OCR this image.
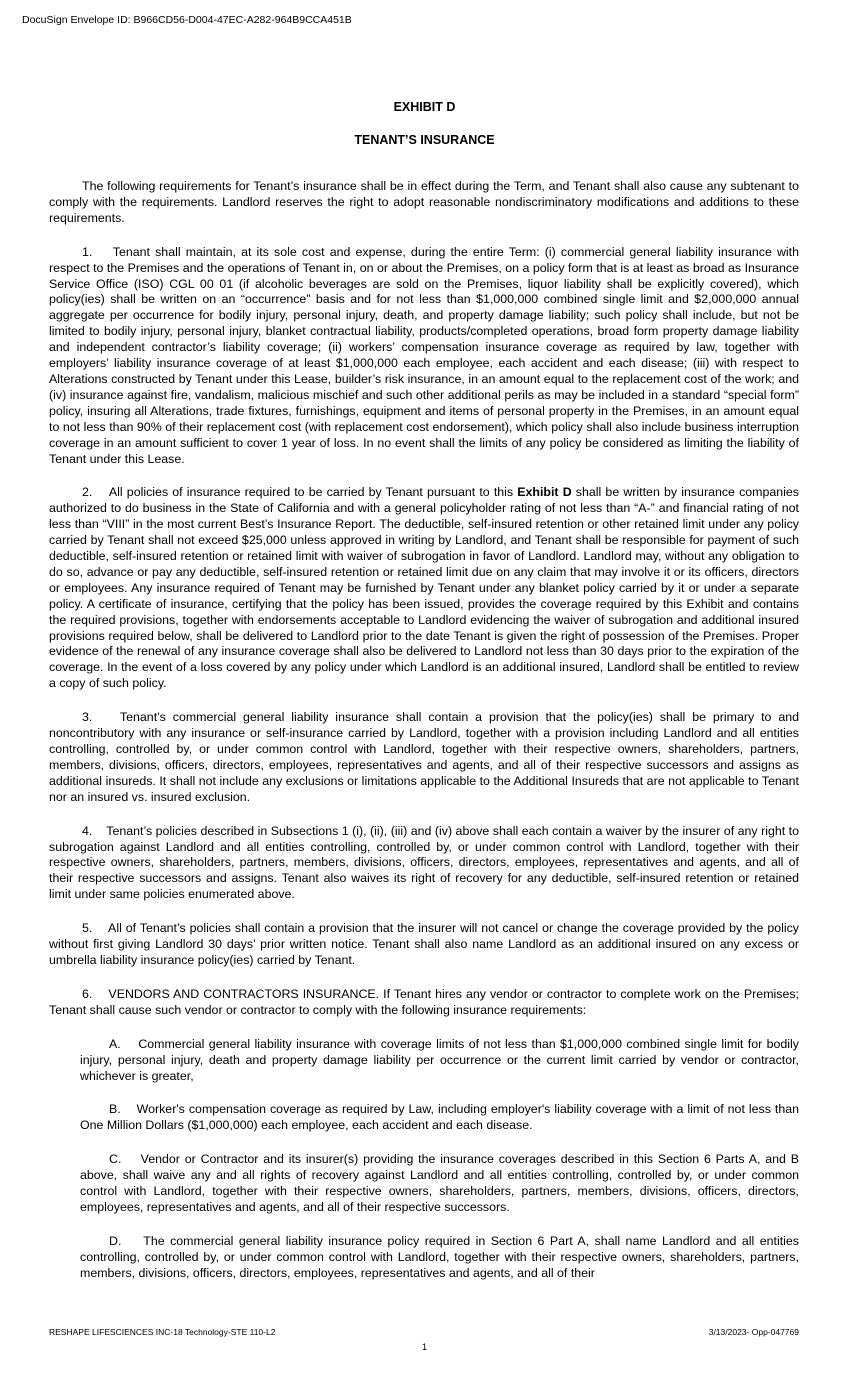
DocuSign Envelope ID: B966CD56-D004-47EC-A282-964B9CCA451B
EXHIBIT D
TENANT’S INSURANCE

The following requirements for Tenant’s insurance shall be in effect during the Term, and Tenant shall also cause any subtenant to comply with the requirements. Landlord reserves the right to adopt reasonable nondiscriminatory modifications and additions to these requirements.

1.    Tenant shall maintain, at its sole cost and expense, during the entire Term: (i) commercial general liability insurance with respect to the Premises and the operations of Tenant in, on or about the Premises, on a policy form that is at least as broad as Insurance Service Office (ISO) CGL 00 01 (if alcoholic beverages are sold on the Premises, liquor liability shall be explicitly covered), which policy(ies) shall be written on an “occurrence” basis and for not less than $1,000,000 combined single limit and $2,000,000 annual aggregate per occurrence for bodily injury, personal injury, death, and property damage liability; such policy shall include, but not be limited to bodily injury, personal injury, blanket contractual liability, products/completed operations, broad form property damage liability and independent contractor’s liability coverage; (ii) workers’ compensation insurance coverage as required by law, together with employers’ liability insurance coverage of at least $1,000,000 each employee, each accident and each disease; (iii) with respect to Alterations constructed by Tenant under this Lease, builder’s risk insurance, in an amount equal to the replacement cost of the work; and (iv) insurance against fire, vandalism, malicious mischief and such other additional perils as may be included in a standard “special form” policy, insuring all Alterations, trade fixtures, furnishings, equipment and items of personal property in the Premises, in an amount equal to not less than 90% of their replacement cost (with replacement cost endorsement), which policy shall also include business interruption coverage in an amount sufficient to cover 1 year of loss. In no event shall the limits of any policy be considered as limiting the liability of Tenant under this Lease.

2.    All policies of insurance required to be carried by Tenant pursuant to this Exhibit D shall be written by insurance companies authorized to do business in the State of California and with a general policyholder rating of not less than “A-” and financial rating of not less than “VIII” in the most current Best’s Insurance Report. The deductible, self-insured retention or other retained limit under any policy carried by Tenant shall not exceed $25,000 unless approved in writing by Landlord, and Tenant shall be responsible for payment of such deductible, self-insured retention or retained limit with waiver of subrogation in favor of Landlord. Landlord may, without any obligation to do so, advance or pay any deductible, self-insured retention or retained limit due on any claim that may involve it or its officers, directors or employees. Any insurance required of Tenant may be furnished by Tenant under any blanket policy carried by it or under a separate policy. A certificate of insurance, certifying that the policy has been issued, provides the coverage required by this Exhibit and contains the required provisions, together with endorsements acceptable to Landlord evidencing the waiver of subrogation and additional insured provisions required below, shall be delivered to Landlord prior to the date Tenant is given the right of possession of the Premises. Proper evidence of the renewal of any insurance coverage shall also be delivered to Landlord not less than 30 days prior to the expiration of the coverage. In the event of a loss covered by any policy under which Landlord is an additional insured, Landlord shall be entitled to review a copy of such policy.

3.    Tenant’s commercial general liability insurance shall contain a provision that the policy(ies) shall be primary to and noncontributory with any insurance or self-insurance carried by Landlord, together with a provision including Landlord and all entities controlling, controlled by, or under common control with Landlord, together with their respective owners, shareholders, partners, members, divisions, officers, directors, employees, representatives and agents, and all of their respective successors and assigns as additional insureds. It shall not include any exclusions or limitations applicable to the Additional Insureds that are not applicable to Tenant nor an insured vs. insured exclusion.

4.    Tenant’s policies described in Subsections 1 (i), (ii), (iii) and (iv) above shall each contain a waiver by the insurer of any right to subrogation against Landlord and all entities controlling, controlled by, or under common control with Landlord, together with their respective owners, shareholders, partners, members, divisions, officers, directors, employees, representatives and agents, and all of their respective successors and assigns. Tenant also waives its right of recovery for any deductible, self-insured retention or retained limit under same policies enumerated above.

5.    All of Tenant’s policies shall contain a provision that the insurer will not cancel or change the coverage provided by the policy without first giving Landlord 30 days’ prior written notice. Tenant shall also name Landlord as an additional insured on any excess or umbrella liability insurance policy(ies) carried by Tenant.

6.    VENDORS AND CONTRACTORS INSURANCE. If Tenant hires any vendor or contractor to complete work on the Premises; Tenant shall cause such vendor or contractor to comply with the following insurance requirements:

A.    Commercial general liability insurance with coverage limits of not less than $1,000,000 combined single limit for bodily injury, personal injury, death and property damage liability per occurrence or the current limit carried by vendor or contractor, whichever is greater,

B.    Worker's compensation coverage as required by Law, including employer's liability coverage with a limit of not less than One Million Dollars ($1,000,000) each employee, each accident and each disease.

C.    Vendor or Contractor and its insurer(s) providing the insurance coverages described in this Section 6 Parts A, and B above, shall waive any and all rights of recovery against Landlord and all entities controlling, controlled by, or under common control with Landlord, together with their respective owners, shareholders, partners, members, divisions, officers, directors, employees, representatives and agents, and all of their respective successors.

D.    The commercial general liability insurance policy required in Section 6 Part A, shall name Landlord and all entities controlling, controlled by, or under common control with Landlord, together with their respective owners, shareholders, partners, members, divisions, officers, directors, employees, representatives and agents, and all of their

RESHAPE LIFESCIENCES INC-18 Technology-STE 110-L2	3/13/2023- Opp-047769
1
